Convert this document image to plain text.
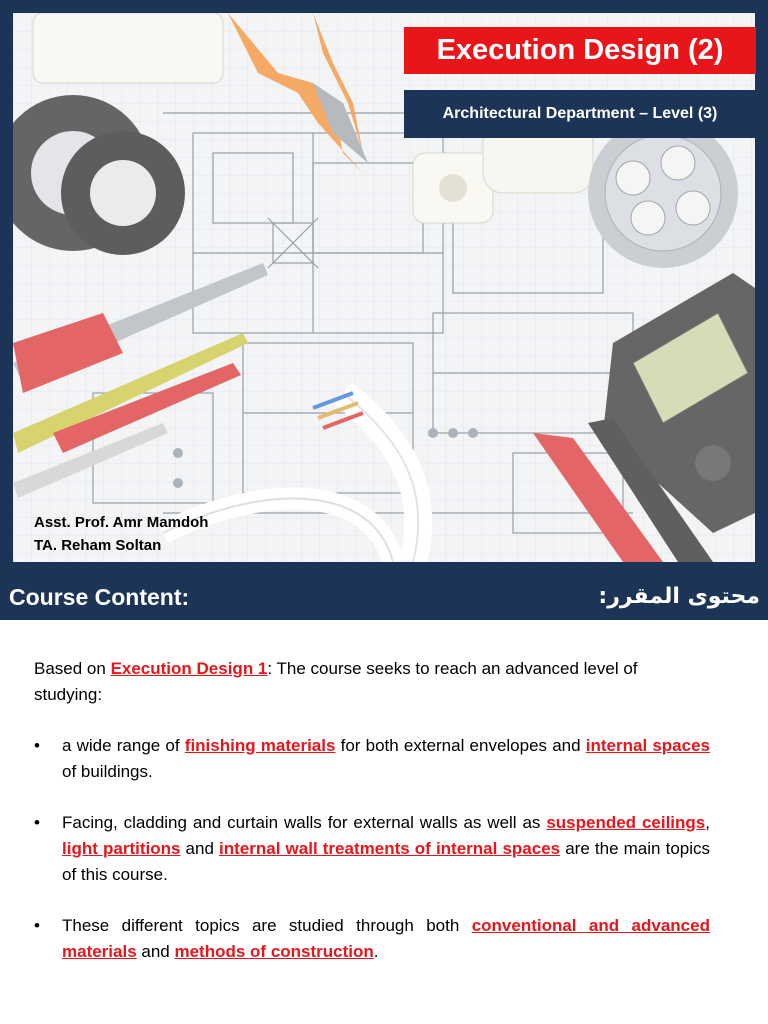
Execution Design (2)
Architectural Department – Level (3)
Asst. Prof. Amr Mamdoh
TA. Reham Soltan
Course Content:	محتوى المقرر:

Based on Execution Design 1: The course seeks to reach an advanced level of studying:

• a wide range of finishing materials for both external envelopes and internal spaces of buildings.
• Facing, cladding and curtain walls for external walls as well as suspended ceilings, light partitions and internal wall treatments of internal spaces are the main topics of this course.
• These different topics are studied through both conventional and advanced materials and methods of construction.
